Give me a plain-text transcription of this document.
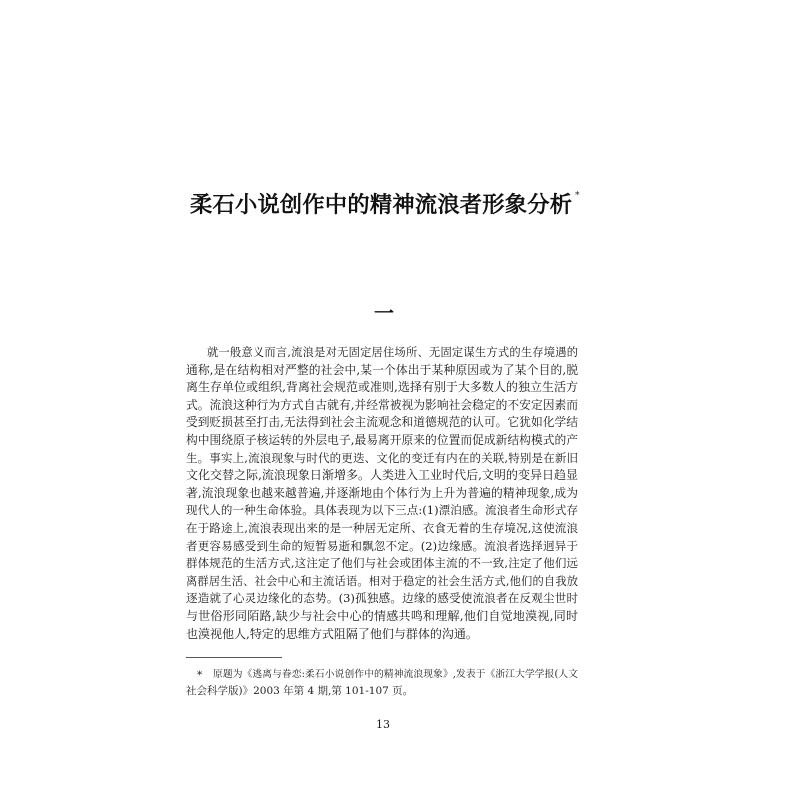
柔石小说创作中的精神流浪者形象分析 *
一
就一般意义而言,流浪是对无固定居住场所、无固定谋生方式的生存境遇的
通称,是在结构相对严整的社会中,某一个体出于某种原因或为了某个目的,脱
离生存单位或组织,背离社会规范或准则,选择有别于大多数人的独立生活方
式。流浪这种行为方式自古就有,并经常被视为影响社会稳定的不安定因素而
受到贬损甚至打击,无法得到社会主流观念和道德规范的认可。它犹如化学结
构中围绕原子核运转的外层电子,最易离开原来的位置而促成新结构模式的产
生。事实上,流浪现象与时代的更迭、文化的变迁有内在的关联,特别是在新旧
文化交替之际,流浪现象日渐增多。人类进入工业时代后,文明的变异日趋显
著,流浪现象也越来越普遍,并逐渐地由个体行为上升为普遍的精神现象,成为
现代人的一种生命体验。具体表现为以下三点:(1)漂泊感。流浪者生命形式存
在于路途上,流浪表现出来的是一种居无定所、衣食无着的生存境况,这使流浪
者更容易感受到生命的短暂易逝和飘忽不定。(2)边缘感。流浪者选择迥异于
群体规范的生活方式,这注定了他们与社会或团体主流的不一致,注定了他们远
离群居生活、社会中心和主流话语。相对于稳定的社会生活方式,他们的自我放
逐造就了心灵边缘化的态势。(3)孤独感。边缘的感受使流浪者在反观尘世时
与世俗形同陌路,缺少与社会中心的情感共鸣和理解,他们自觉地漠视,同时
也漠视他人,特定的思维方式阻隔了他们与群体的沟通。
* 原题为《逃离与眷恋:柔石小说创作中的精神流浪现象》,发表于《浙江大学学报(人文
社会科学版)》2003 年第 4 期,第 101-107 页。
13
